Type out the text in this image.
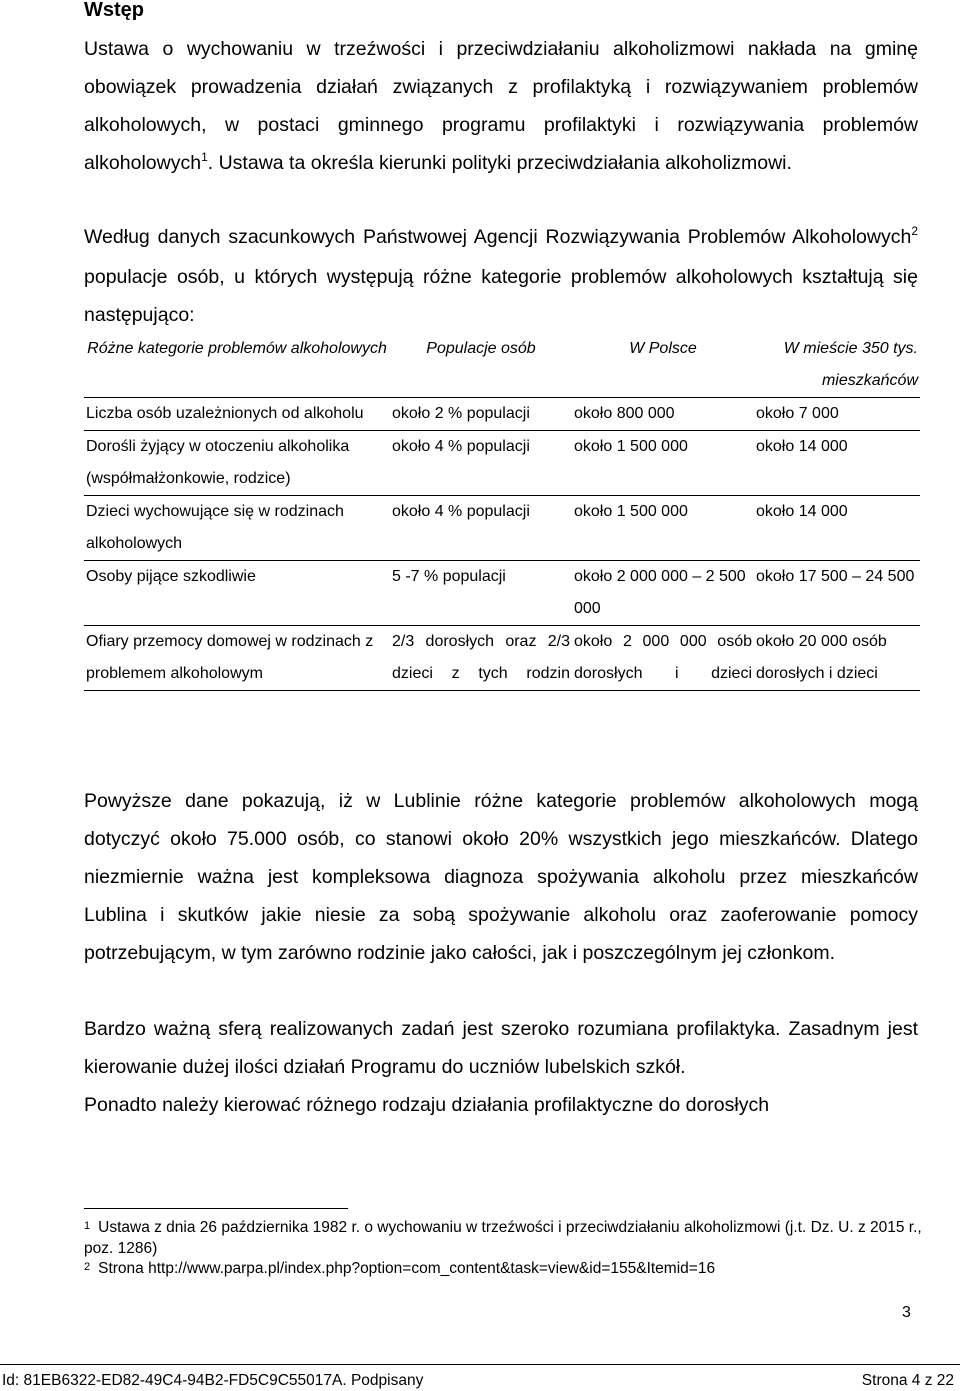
Wstęp

Ustawa o wychowaniu w trzeźwości i przeciwdziałaniu alkoholizmowi nakłada na gminę obowiązek prowadzenia działań związanych z profilaktyką i rozwiązywaniem problemów alkoholowych, w postaci gminnego programu profilaktyki i rozwiązywania problemów alkoholowych$^1$. Ustawa ta określa kierunki polityki przeciwdziałania alkoholizmowi.

Według danych szacunkowych Państwowej Agencji Rozwiązywania Problemów Alkoholowych$^2$ populacje osób, u których występują różne kategorie problemów alkoholowych kształtują się następująco:

Różne kategorie problemów alkoholowych	Populacje osób	W Polsce	W mieście 350 tys. mieszkańców
Liczba osób uzależnionych od alkoholu	około 2 % populacji	około 800 000	około 7 000
Dorośli żyjący w otoczeniu alkoholika (współmałżonkowie, rodzice)	około 4 % populacji	około 1 500 000	około 14 000
Dzieci wychowujące się w rodzinach alkoholowych	około 4 % populacji	około 1 500 000	około 14 000
Osoby pijące szkodliwie	5 -7 % populacji	około 2 000 000 – 2 500 000	około 17 500 – 24 500
Ofiary przemocy domowej w rodzinach z problemem alkoholowym	2/3 dorosłych oraz 2/3 dzieci z tych rodzin	około 2 000 000 osób dorosłych i dzieci	około 20 000 osób dorosłych i dzieci

Powyższe dane pokazują, iż w Lublinie różne kategorie problemów alkoholowych mogą dotyczyć około 75.000 osób, co stanowi około 20% wszystkich jego mieszkańców. Dlatego niezmiernie ważna jest kompleksowa diagnoza spożywania alkoholu przez mieszkańców Lublina i skutków jakie niesie za sobą spożywanie alkoholu oraz zaoferowanie pomocy potrzebującym, w tym zarówno rodzinie jako całości, jak i poszczególnym jej członkom.

Bardzo ważną sferą realizowanych zadań jest szeroko rozumiana profilaktyka. Zasadnym jest kierowanie dużej ilości działań Programu do uczniów lubelskich szkół.

Ponadto należy kierować różnego rodzaju działania profilaktyczne do dorosłych

$^1$ Ustawa z dnia 26 października 1982 r. o wychowaniu w trzeźwości i przeciwdziałaniu alkoholizmowi (j.t. Dz. U. z 2015 r., poz. 1286)

$^2$ Strona http://www.parpa.pl/index.php?option=com_content&task=view&id=155&Itemid=16

3
Id: 81EB6322-ED82-49C4-94B2-FD5C9C55017A. Podpisany	Strona 4 z 22
